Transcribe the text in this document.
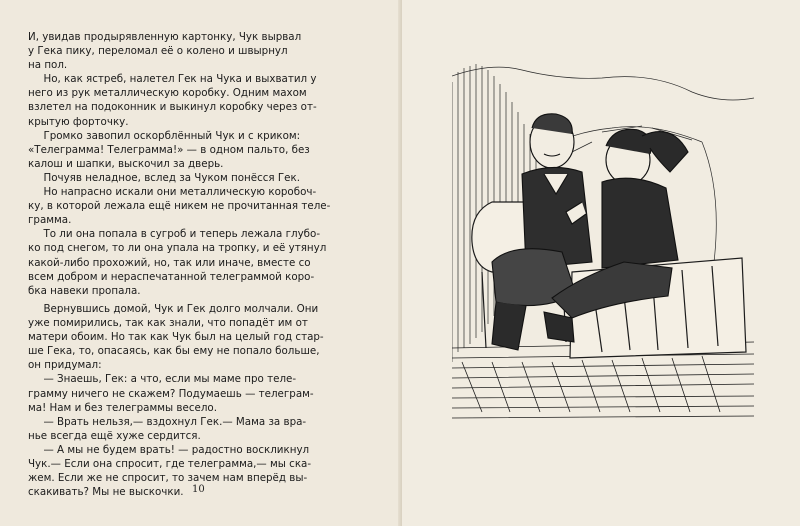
И, увидав продырявленную картонку, Чук вырвал

у Гека пику, переломал её о колено и швырнул

на пол.

  Но, как ястреб, налетел Гек на Чука и выхватил у

него из рук металлическую коробку. Одним махом

взлетел на подоконник и выкинул коробку через от-

крытую форточку.

  Громко завопил оскорблённый Чук и с криком:

«Телеграмма! Телеграмма!» — в одном пальто, без

калош и шапки, выскочил за дверь.

  Почуяв неладное, вслед за Чуком понёсся Гек.

  Но напрасно искали они металлическую коробоч-

ку, в которой лежала ещё никем не прочитанная теле-

грамма.

  То ли она попала в сугроб и теперь лежала глубо-

ко под снегом, то ли она упала на тропку, и её утянул

какой-либо прохожий, но, так или иначе, вместе со

всем добром и нераспечатанной телеграммой коро-

бка навеки пропала.

  Вернувшись домой, Чук и Гек долго молчали. Они

уже помирились, так как знали, что попадёт им от

матери обоим. Но так как Чук был на целый год стар-

ше Гека, то, опасаясь, как бы ему не попало больше,

он придумал:

  — Знаешь, Гек: а что, если мы маме про теле-

грамму ничего не скажем? Подумаешь — телеграм-

ма! Нам и без телеграммы весело.

  — Врать нельзя,— вздохнул Гек.— Мама за вра-

нье всегда ещё хуже сердится.

  — А мы не будем врать! — радостно воскликнул

Чук.— Если она спросит, где телеграмма,— мы ска-

жем. Если же не спросит, то зачем нам вперёд вы-

скакивать? Мы не выскочки. 10
